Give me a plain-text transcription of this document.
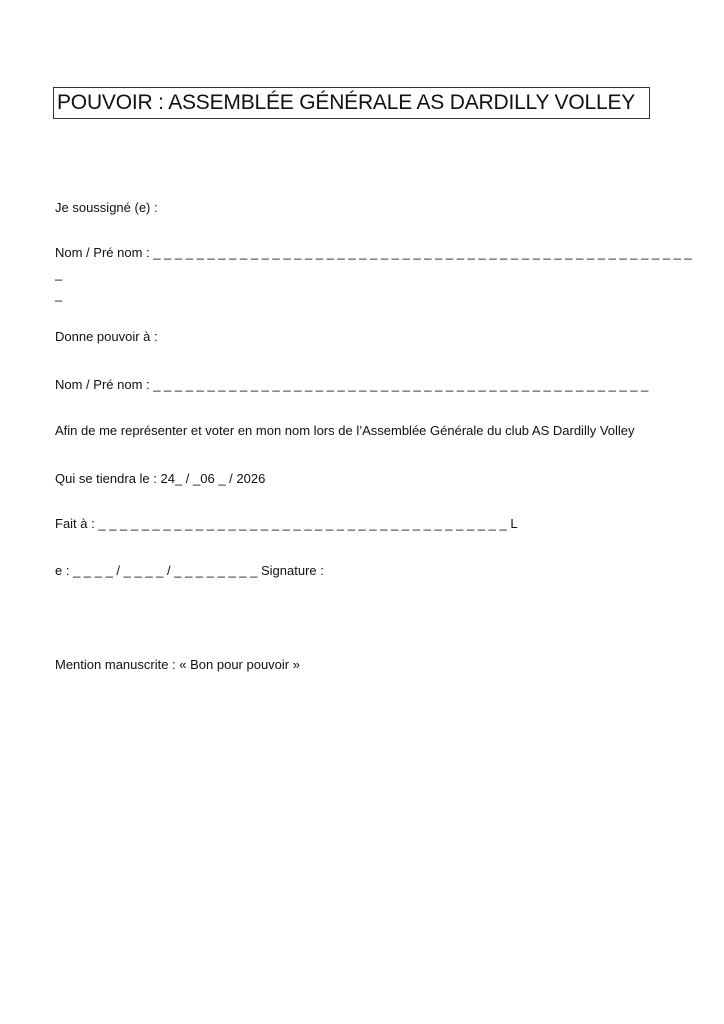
POUVOIR : ASSEMBLÉE GÉNÉRALE AS DARDILLY VOLLEY
Je soussigné (e) :
Nom / Pré nom : _ _ _ _ _ _ _ _ _ _ _ _ _ _ _ _ _ _ _ _ _ _ _ _ _ _ _ _ _ _ _ _ _ _ _ _ _ _ _ _ _ _ _ _ _ _ _ _ _ _
_
_
Donne pouvoir à :
Nom / Pré nom : _ _ _ _ _ _ _ _ _ _ _ _ _ _ _ _ _ _ _ _ _ _ _ _ _ _ _ _ _ _ _ _ _ _ _ _ _ _ _ _ _ _ _ _ _ _
Afin de me représenter et voter en mon nom lors de l’Assemblée Générale du club AS Dardilly Volley
Qui se tiendra le : 24_ / _06 _ / 2026
Fait à : _ _ _ _ _ _ _ _ _ _ _ _ _ _ _ _ _ _ _ _ _ _ _ _ _ _ _ _ _ _ _ _ _ _ _ _ _ _ L
e : _ _ _ _ / _ _ _ _ / _ _ _ _ _ _ _ _ Signature :
Mention manuscrite : « Bon pour pouvoir »
